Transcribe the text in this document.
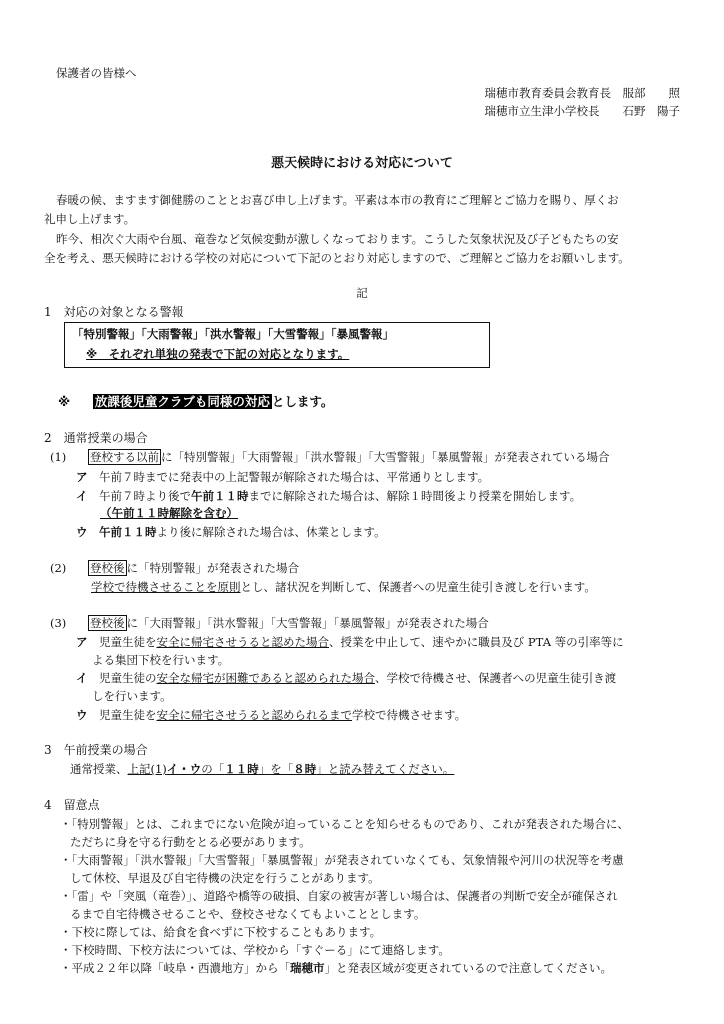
保護者の皆様へ
瑞穂市教育委員会教育長　服部　　照
瑞穂市立生津小学校長　　石野　陽子
悪天候時における対応について
春暖の候、ますます御健勝のこととお喜び申し上げます。平素は本市の教育にご理解とご協力を賜り、厚くお
礼申し上げます。
昨今、相次ぐ大雨や台風、竜巻など気候変動が激しくなっております。こうした気象状況及び子どもたちの安
全を考え、悪天候時における学校の対応について下記のとおり対応しますので、ご理解とご協力をお願いします。
記
1　対応の対象となる警報
「特別警報」「大雨警報」「洪水警報」「大雪警報」「暴風警報」
※　それぞれ単独の発表で下記の対応となります。
※ 放課後児童クラブも同様の対応 とします。
2　通常授業の場合
(1) 登校する以前 に「特別警報」「大雨警報」「洪水警報」「大雪警報」「暴風警報」が発表されている場合
ア　 午前７時までに発表中の上記警報が解除された場合は、平常通りとします。
イ　 午前７時より後で午前１１時までに解除された場合は、解除１時間後より授業を開始します。
（午前１１時解除を含む）
ウ　 午前１１時より後に解除された場合は、休業とします。
(2) 登校後 に「特別警報」が発表された場合
学校で待機させることを原則とし、諸状況を判断して、保護者への児童生徒引き渡しを行います。
(3) 登校後 に「大雨警報」「洪水警報」「大雪警報」「暴風警報」が発表された場合
ア　 児童生徒を安全に帰宅させうると認めた場合、授業を中止して、速やかに職員及び PTA 等の引率等に
よる集団下校を行います。
イ　 児童生徒の安全な帰宅が困難であると認められた場合、学校で待機させ、保護者への児童生徒引き渡
しを行います。
ウ　 児童生徒を安全に帰宅させうると認められるまで学校で待機させます。
3　午前授業の場合
通常授業、上記(1)イ・ウの「１１時」を「８時」と読み替えてください。
4　留意点
・「特別警報」とは、これまでにない危険が迫っていることを知らせるものであり、これが発表された場合に、
ただちに身を守る行動をとる必要があります。
・「大雨警報」「洪水警報」「大雪警報」「暴風警報」が発表されていなくても、気象情報や河川の状況等を考慮
して休校、早退及び自宅待機の決定を行うことがあります。
・「雷」や「突風（竜巻）」、道路や橋等の破損、自家の被害が著しい場合は、保護者の判断で安全が確保され
るまで自宅待機させることや、登校させなくてもよいこととします。
・下校に際しては、給食を食べずに下校することもあります。
・下校時間、下校方法については、学校から「すぐーる」にて連絡します。
・平成２２年以降「岐阜・西濃地方」から「瑞穂市」と発表区域が変更されているので注意してください。
